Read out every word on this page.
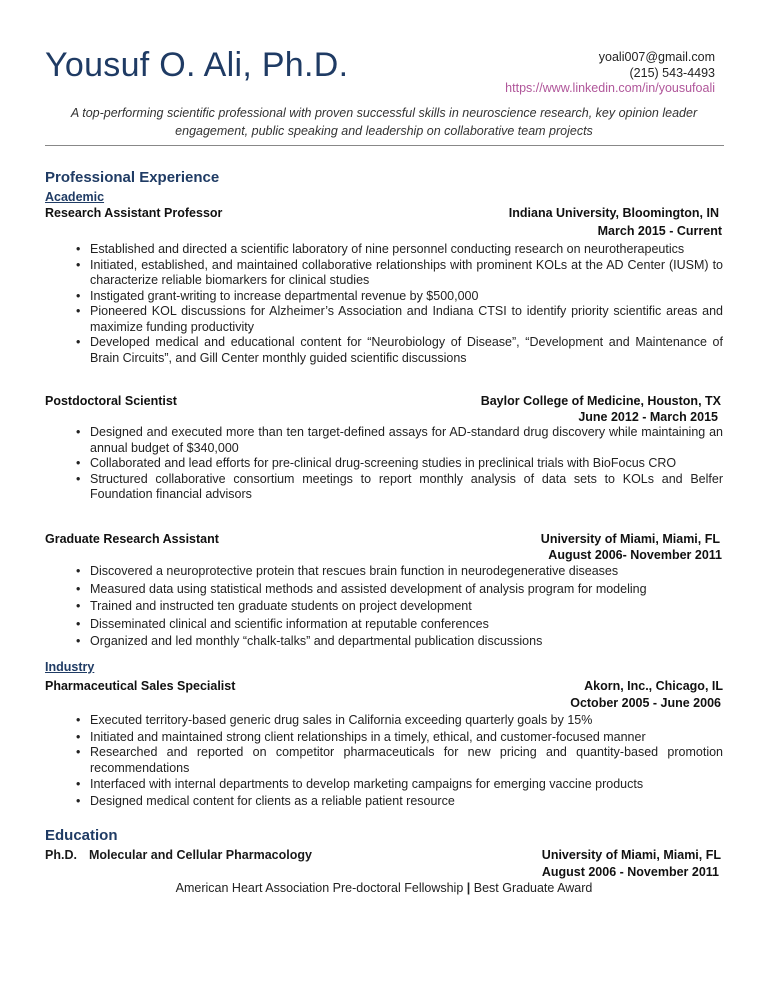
Yousuf O. Ali, Ph.D.	yoali007@gmail.com
(215) 543-4493
https://www.linkedin.com/in/yousufoali
A top-performing scientific professional with proven successful skills in neuroscience research, key opinion leader engagement, public speaking and leadership on collaborative team projects
Professional Experience
Academic
Research Assistant Professor	Indiana University, Bloomington, IN
March 2015 - Current
• Established and directed a scientific laboratory of nine personnel conducting research on neurotherapeutics
• Initiated, established, and maintained collaborative relationships with prominent KOLs at the AD Center (IUSM) to characterize reliable biomarkers for clinical studies
• Instigated grant-writing to increase departmental revenue by $500,000
• Pioneered KOL discussions for Alzheimer’s Association and Indiana CTSI to identify priority scientific areas and maximize funding productivity
• Developed medical and educational content for “Neurobiology of Disease”, “Development and Maintenance of Brain Circuits”, and Gill Center monthly guided scientific discussions
Postdoctoral Scientist	Baylor College of Medicine, Houston, TX
June 2012 - March 2015
• Designed and executed more than ten target-defined assays for AD-standard drug discovery while maintaining an annual budget of $340,000
• Collaborated and lead efforts for pre-clinical drug-screening studies in preclinical trials with BioFocus CRO
• Structured collaborative consortium meetings to report monthly analysis of data sets to KOLs and Belfer Foundation financial advisors
Graduate Research Assistant	University of Miami, Miami, FL
August 2006- November 2011
• Discovered a neuroprotective protein that rescues brain function in neurodegenerative diseases
• Measured data using statistical methods and assisted development of analysis program for modeling
• Trained and instructed ten graduate students on project development
• Disseminated clinical and scientific information at reputable conferences
• Organized and led monthly “chalk-talks” and departmental publication discussions
Industry
Pharmaceutical Sales Specialist	Akorn, Inc., Chicago, IL
October 2005 - June 2006
• Executed territory-based generic drug sales in California exceeding quarterly goals by 15%
• Initiated and maintained strong client relationships in a timely, ethical, and customer-focused manner
• Researched and reported on competitor pharmaceuticals for new pricing and quantity-based promotion recommendations
• Interfaced with internal departments to develop marketing campaigns for emerging vaccine products
• Designed medical content for clients as a reliable patient resource
Education
Ph.D. Molecular and Cellular Pharmacology	University of Miami, Miami, FL
August 2006 - November 2011
American Heart Association Pre-doctoral Fellowship | Best Graduate Award
